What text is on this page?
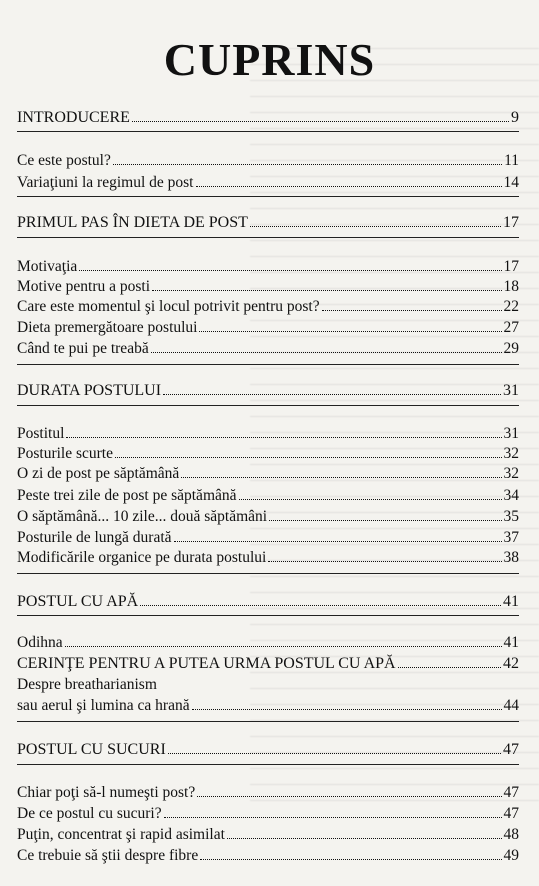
CUPRINS
INTRODUCERE	9
Ce este postul?	11
Variaţiuni la regimul de post	14
PRIMUL PAS ÎN DIETA DE POST	17
Motivaţia	17
Motive pentru a posti	18
Care este momentul şi locul potrivit pentru post?	22
Dieta premergătoare postului	27
Când te pui pe treabă	29
DURATA POSTULUI	31
Postitul	31
Posturile scurte	32
O zi de post pe săptămână	32
Peste trei zile de post pe săptămână	34
O săptămână... 10 zile... două săptămâni	35
Posturile de lungă durată	37
Modificările organice pe durata postului	38
POSTUL CU APĂ	41
Odihna	41
CERINŢE PENTRU A PUTEA URMA POSTUL CU APĂ	42
Despre breatharianism
sau aerul şi lumina ca hrană	44
POSTUL CU SUCURI	47
Chiar poţi să-l numeşti post?	47
De ce postul cu sucuri?	47
Puţin, concentrat şi rapid asimilat	48
Ce trebuie să ştii despre fibre	49
